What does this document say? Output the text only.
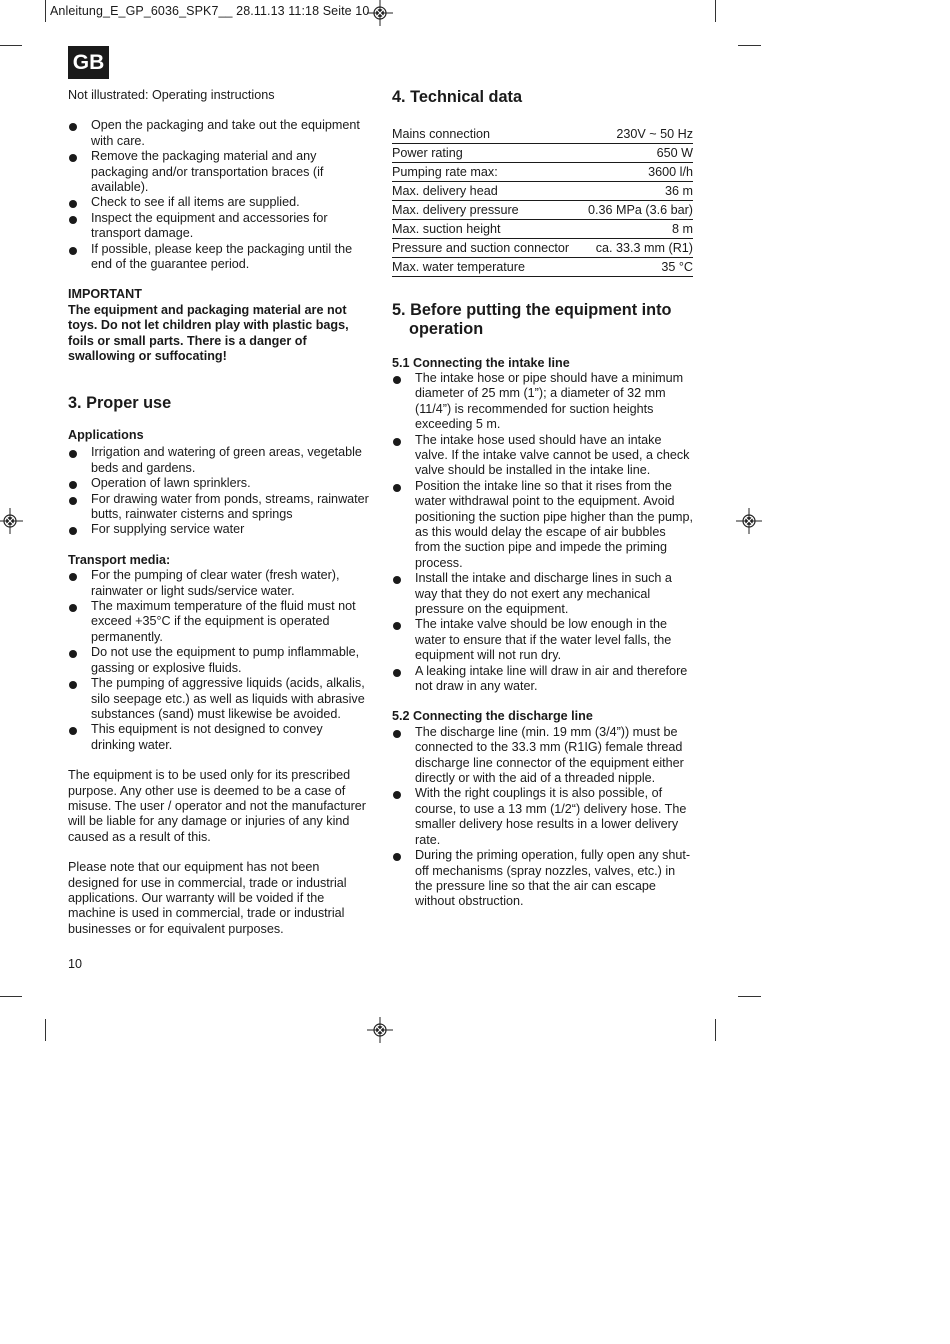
Anleitung_E_GP_6036_SPK7__ 28.11.13 11:18 Seite 10
GB

Not illustrated: Operating instructions

Open the packaging and take out the equipment with care.
Remove the packaging material and any packaging and/or transportation braces (if available).
Check to see if all items are supplied.
Inspect the equipment and accessories for transport damage.
If possible, please keep the packaging until the end of the guarantee period.

IMPORTANT

The equipment and packaging material are not toys. Do not let children play with plastic bags, foils or small parts. There is a danger of swallowing or suffocating!

3. Proper use

Applications

Irrigation and watering of green areas, vegetable beds and gardens.
Operation of lawn sprinklers.
For drawing water from ponds, streams, rainwater butts, rainwater cisterns and springs
For supplying service water

Transport media:

For the pumping of clear water (fresh water), rainwater or light suds/service water.
The maximum temperature of the fluid must not exceed +35°C if the equipment is operated permanently.
Do not use the equipment to pump inflammable, gassing or explosive fluids.
The pumping of aggressive liquids (acids, alkalis, silo seepage etc.) as well as liquids with abrasive substances (sand) must likewise be avoided.
This equipment is not designed to convey drinking water.

The equipment is to be used only for its prescribed purpose. Any other use is deemed to be a case of misuse. The user / operator and not the manufacturer will be liable for any damage or injuries of any kind caused as a result of this.

Please note that our equipment has not been designed for use in commercial, trade or industrial applications. Our warranty will be voided if the machine is used in commercial, trade or industrial businesses or for equivalent purposes.

4. Technical data

Mains connection	230V ~ 50 Hz
Power rating	650 W
Pumping rate max:	3600 l/h
Max. delivery head	36 m
Max. delivery pressure	0.36 MPa (3.6 bar)
Max. suction height	8 m
Pressure and suction connector	ca. 33.3 mm (R1)
Max. water temperature	35 °C

5. Before putting the equipment into operation

5.1 Connecting the intake line

The intake hose or pipe should have a minimum diameter of 25 mm (1”); a diameter of 32 mm (11/4”) is recommended for suction heights exceeding 5 m.
The intake hose used should have an intake valve. If the intake valve cannot be used, a check valve should be installed in the intake line.
Position the intake line so that it rises from the water withdrawal point to the equipment. Avoid positioning the suction pipe higher than the pump, as this would delay the escape of air bubbles from the suction pipe and impede the priming process.
Install the intake and discharge lines in such a way that they do not exert any mechanical pressure on the equipment.
The intake valve should be low enough in the water to ensure that if the water level falls, the equipment will not run dry.
A leaking intake line will draw in air and therefore not draw in any water.

5.2 Connecting the discharge line

The discharge line (min. 19 mm (3/4”)) must be connected to the 33.3 mm (R1IG) female thread discharge line connector of the equipment either directly or with the aid of a threaded nipple.
With the right couplings it is also possible, of course, to use a 13 mm (1/2“) delivery hose. The smaller delivery hose results in a lower delivery rate.
During the priming operation, fully open any shut-off mechanisms (spray nozzles, valves, etc.) in the pressure line so that the air can escape without obstruction.
10
